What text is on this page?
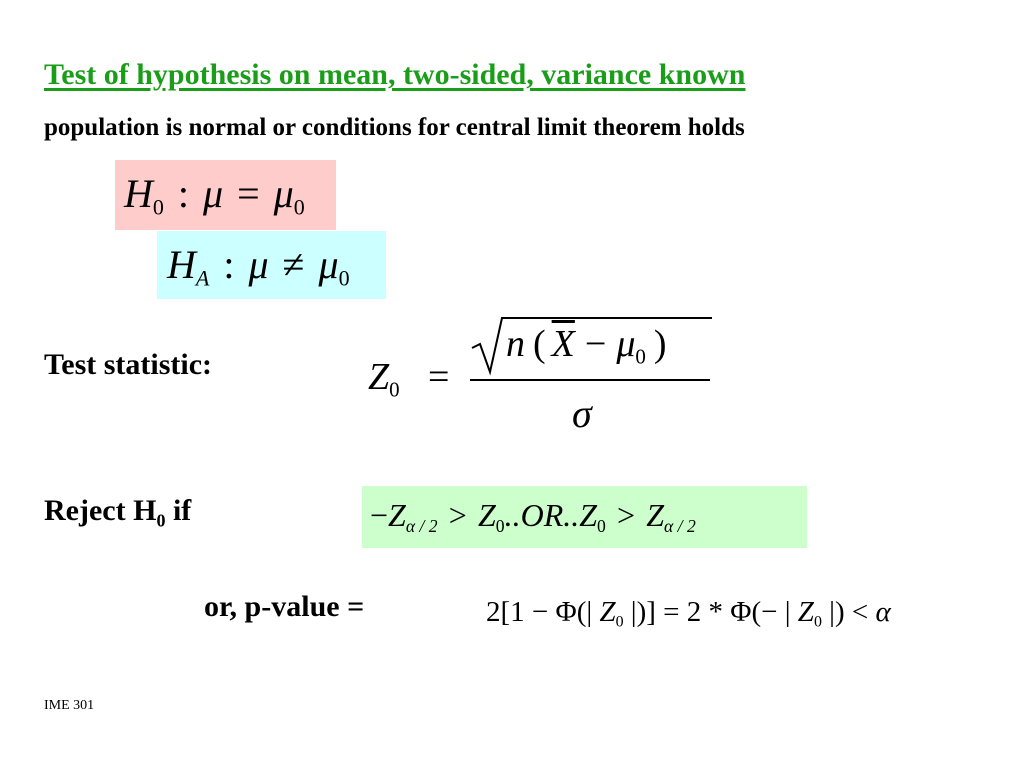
Test of hypothesis on mean, two-sided, variance known
population is normal or conditions for central limit theorem holds
$H_0$ : $\mu = \mu_0$
$H_A$ : $\mu \ne \mu_0$
Test statistic:	$Z_0$ =
n ( $\overline{X} - \mu_0$ )
σ
Reject $H_0$ if	$-Z_{\alpha / 2} > Z_0..OR..Z_0 > Z_{\alpha / 2}$
or, p-value =	2[1 − Φ(| $Z_0$ |)] = 2 * Φ(− | $Z_0$ |) < α
IME 301
